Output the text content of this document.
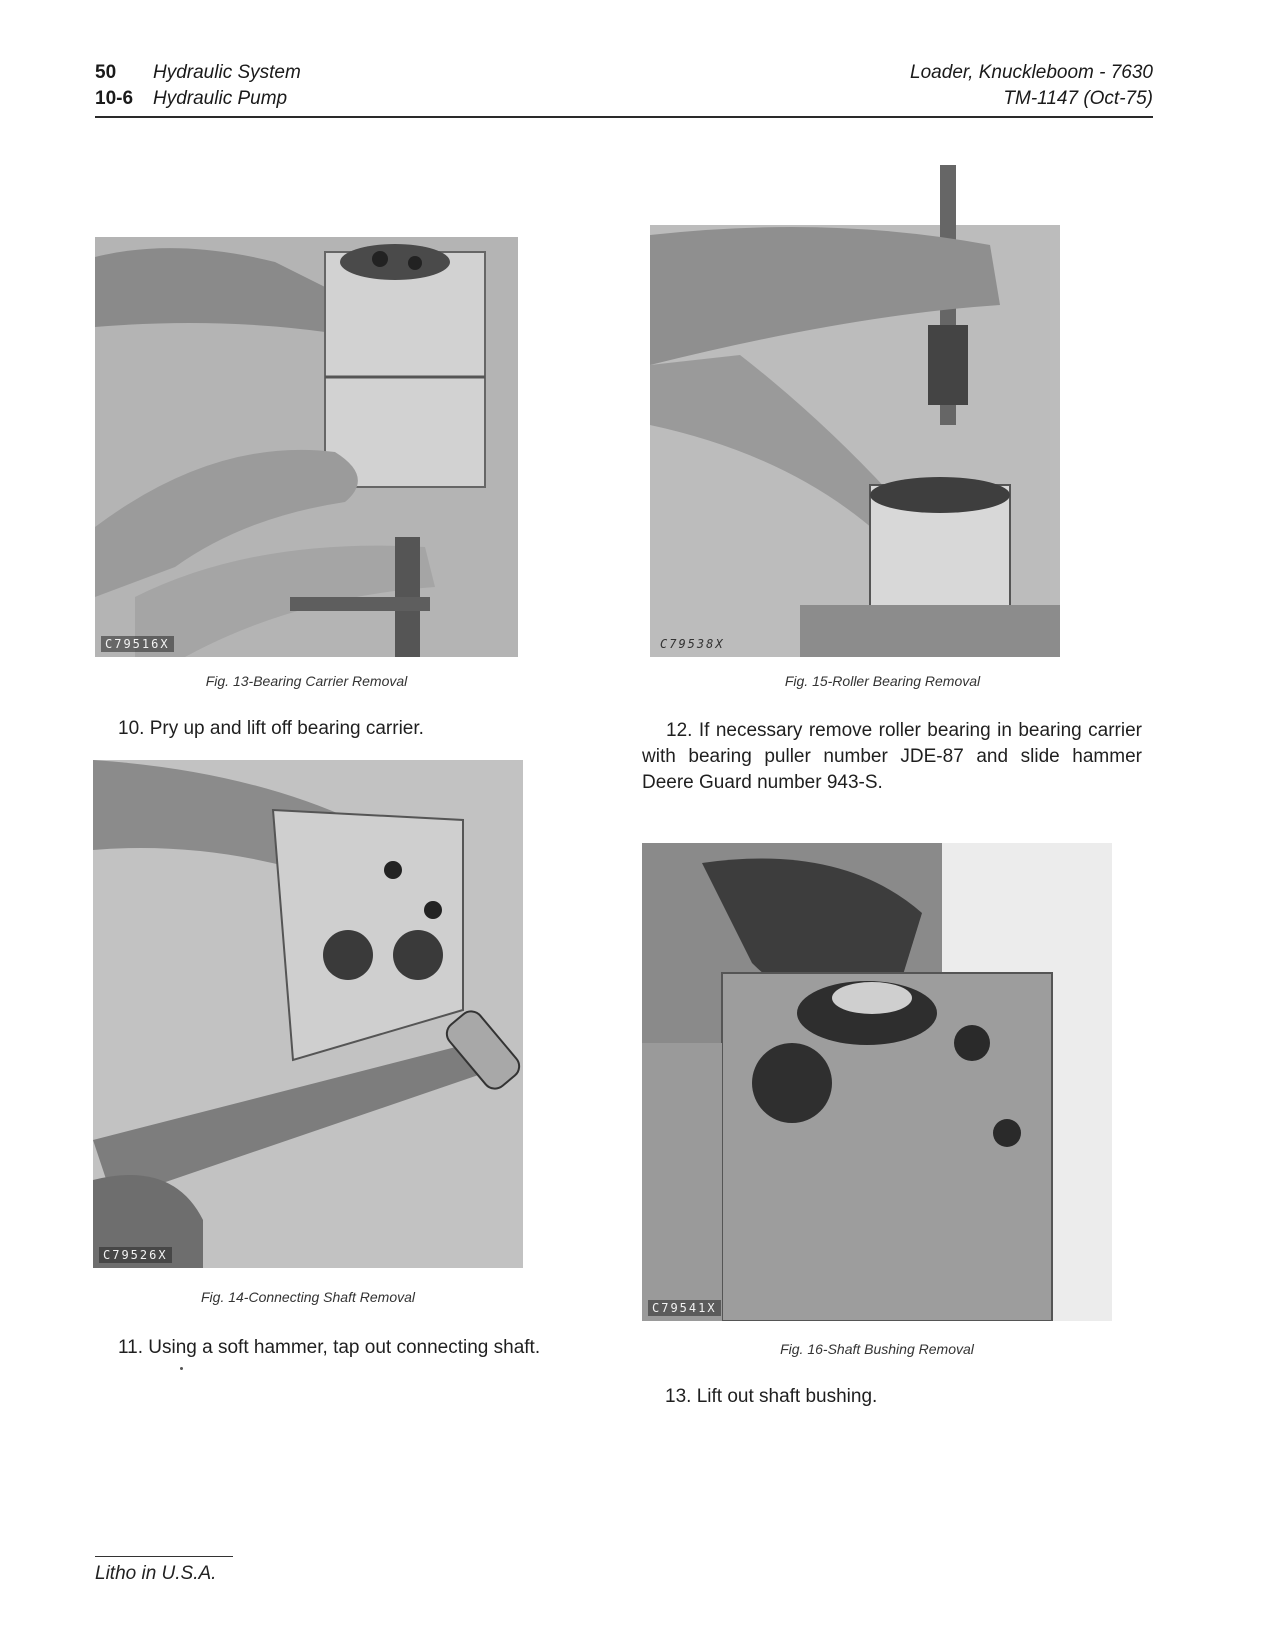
50	Hydraulic System
10-6	Hydraulic Pump
Loader, Knuckleboom - 7630
TM-1147 (Oct-75)
C79516X
Fig. 13-Bearing Carrier Removal
C79538X
Fig. 15-Roller Bearing Removal
10. Pry up and lift off bearing carrier.	12. If necessary remove roller bearing in bearing carrier with bearing puller number JDE-87 and slide hammer Deere Guard number 943-S.
C79526X
Fig. 14-Connecting Shaft Removal
11. Using a soft hammer, tap out connecting shaft.
C79541X
Fig. 16-Shaft Bushing Removal
13. Lift out shaft bushing.
Litho in U.S.A.
